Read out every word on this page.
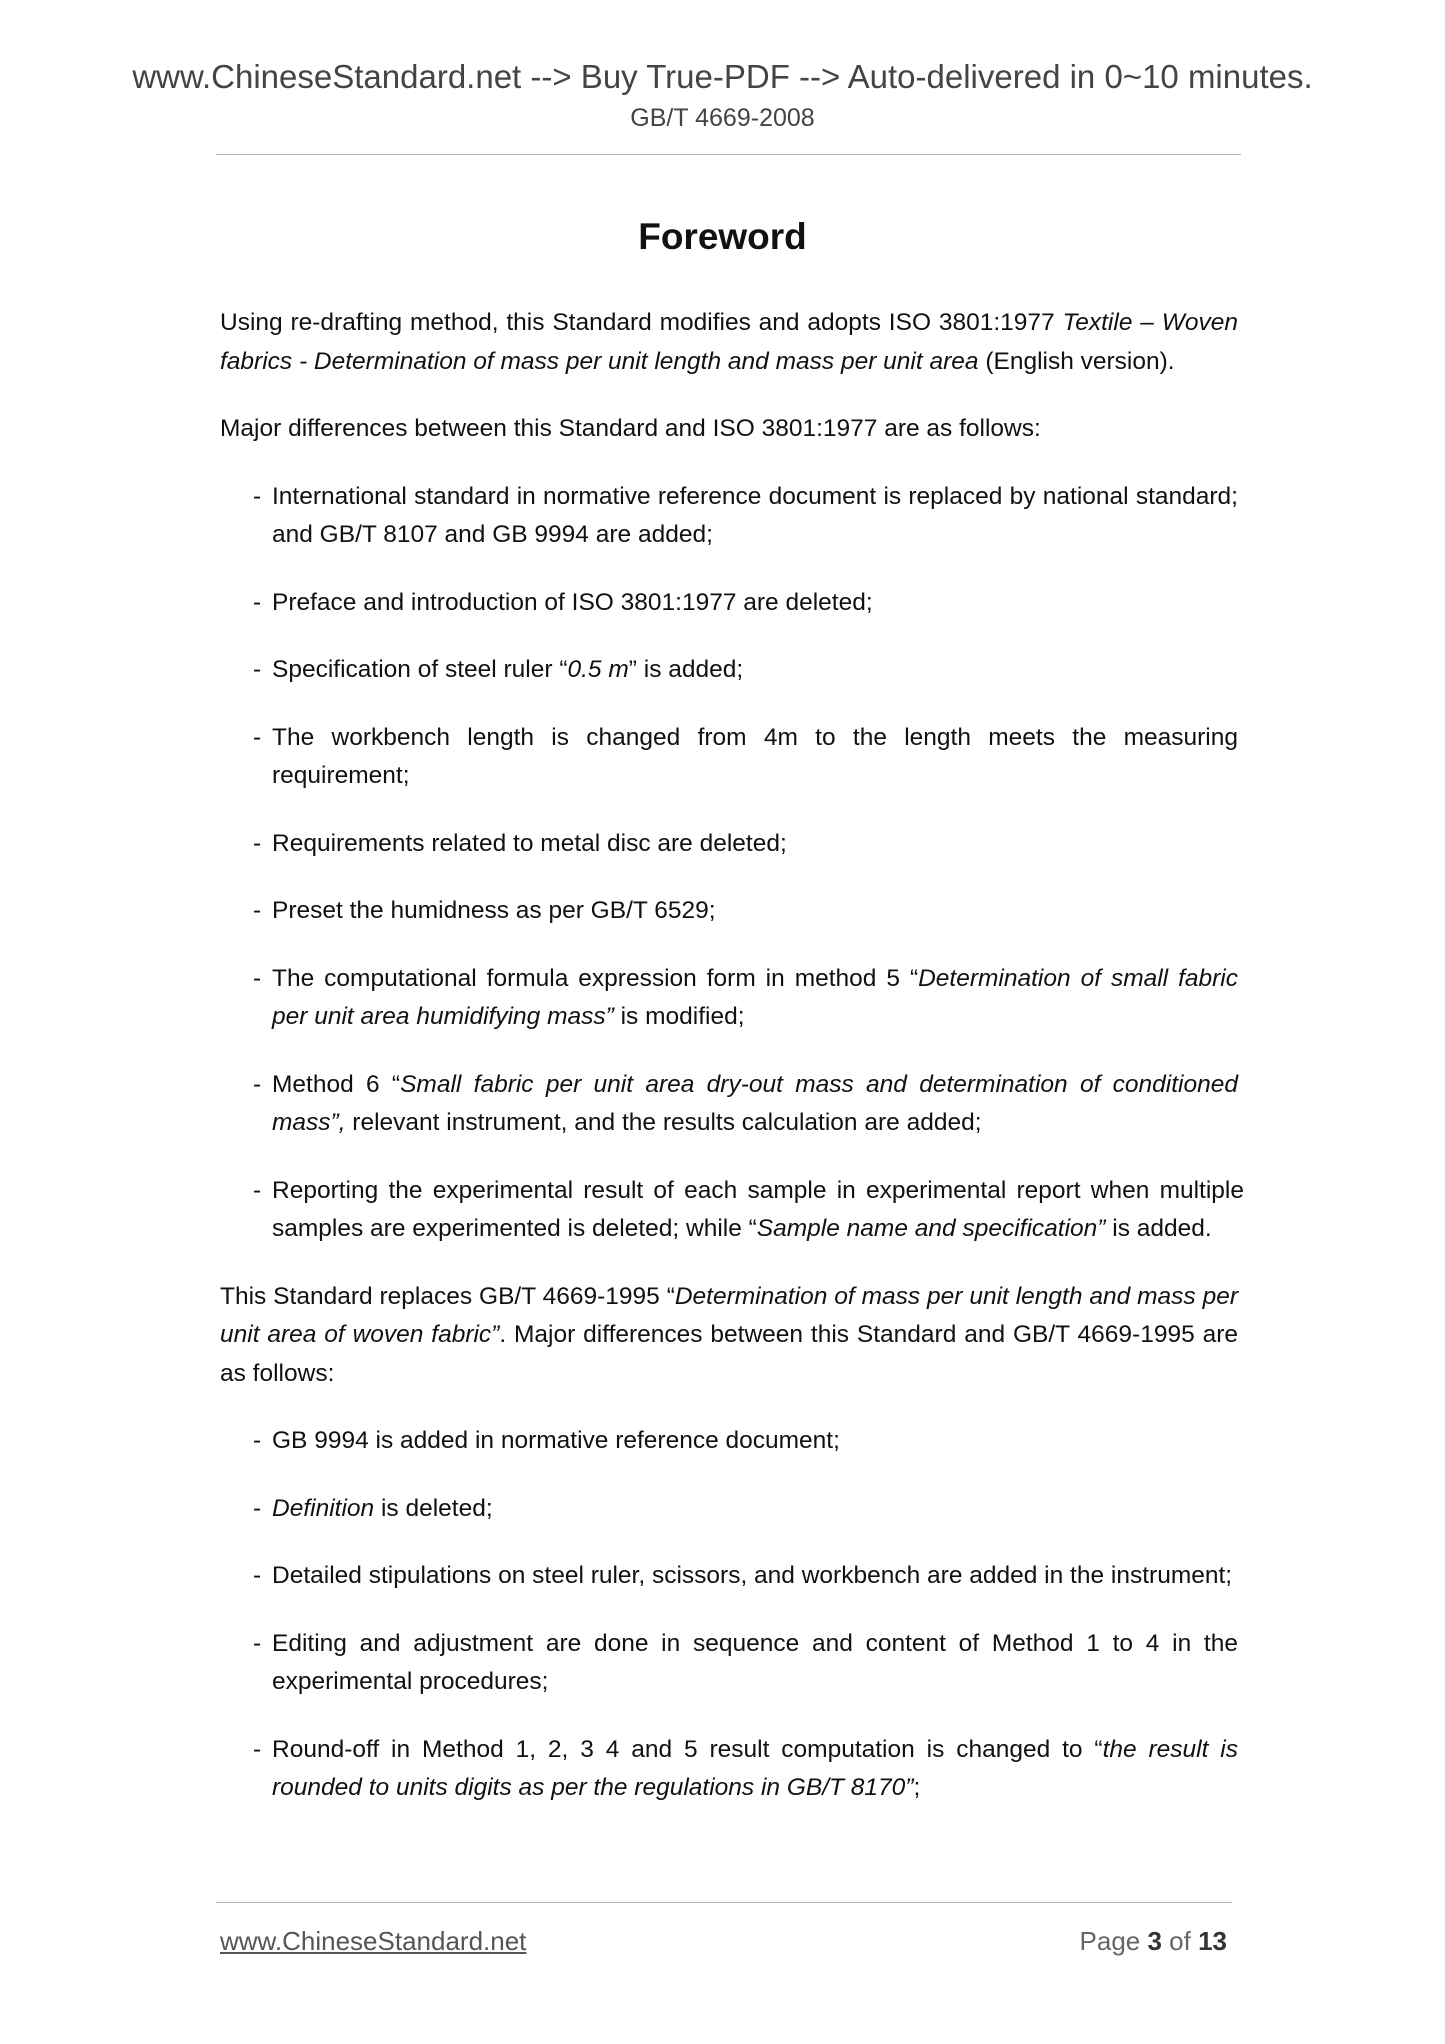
www.ChineseStandard.net --> Buy True-PDF --> Auto-delivered in 0~10 minutes.
GB/T 4669-2008
Foreword

Using re-drafting method, this Standard modifies and adopts ISO 3801:1977 Textile – Woven fabrics - Determination of mass per unit length and mass per unit area (English version).

Major differences between this Standard and ISO 3801:1977 are as follows:

- International standard in normative reference document is replaced by national standard; and GB/T 8107 and GB 9994 are added;
- Preface and introduction of ISO 3801:1977 are deleted;
- Specification of steel ruler “0.5 m” is added;
- The workbench length is changed from 4m to the length meets the measuring requirement;
- Requirements related to metal disc are deleted;
- Preset the humidness as per GB/T 6529;
- The computational formula expression form in method 5 “Determination of small fabric per unit area humidifying mass” is modified;
- Method 6 “Small fabric per unit area dry-out mass and determination of conditioned mass”, relevant instrument, and the results calculation are added;
- Reporting the experimental result of each sample in experimental report when multiple samples are experimented is deleted; while “Sample name and specification” is added.

This Standard replaces GB/T 4669-1995 “Determination of mass per unit length and mass per unit area of woven fabric”. Major differences between this Standard and GB/T 4669-1995 are as follows:

- GB 9994 is added in normative reference document;
- Definition is deleted;
- Detailed stipulations on steel ruler, scissors, and workbench are added in the instrument;
- Editing and adjustment are done in sequence and content of Method 1 to 4 in the experimental procedures;
- Round-off in Method 1, 2, 3 4 and 5 result computation is changed to “the result is rounded to units digits as per the regulations in GB/T 8170”;
www.ChineseStandard.net	Page 3 of 13
